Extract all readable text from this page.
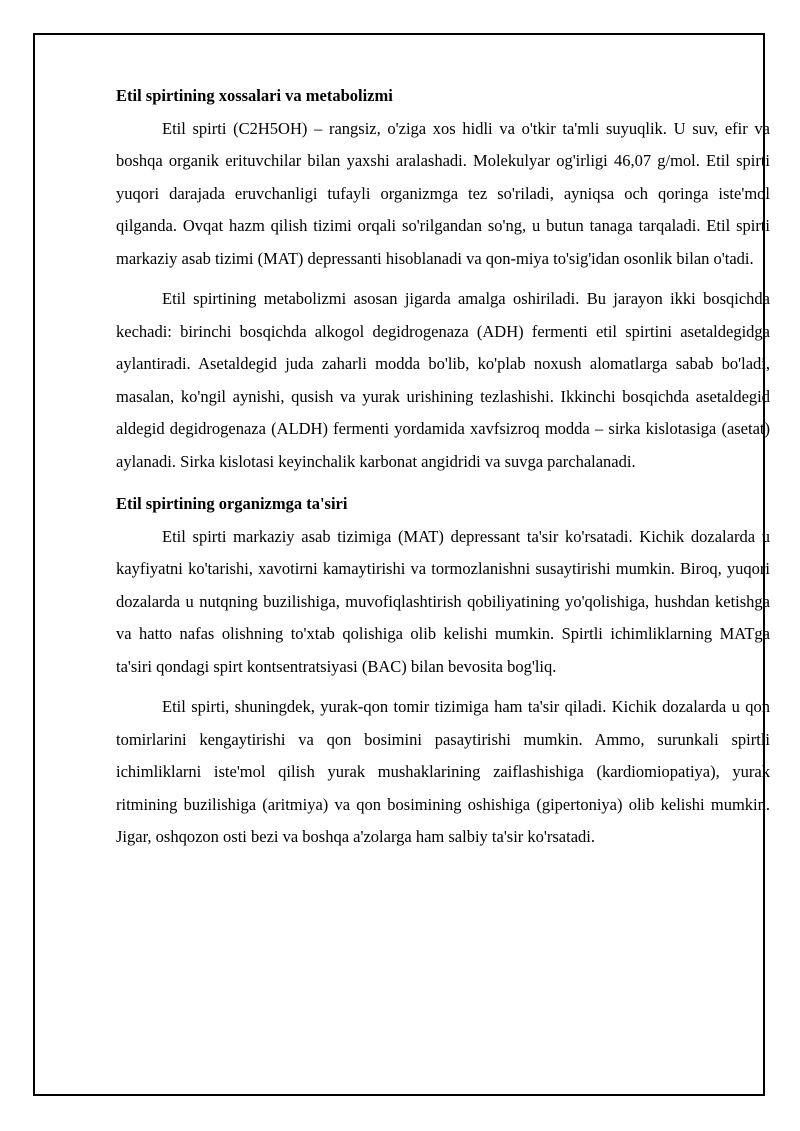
Etil spirtining xossalari va metabolizmi

Etil spirti (C2H5OH) – rangsiz, o'ziga xos hidli va o'tkir ta'mli suyuqlik. U suv, efir va boshqa organik erituvchilar bilan yaxshi aralashadi. Molekulyar og'irligi 46,07 g/mol. Etil spirti yuqori darajada eruvchanligi tufayli organizmga tez so'riladi, ayniqsa och qoringa iste'mol qilganda. Ovqat hazm qilish tizimi orqali so'rilgandan so'ng, u butun tanaga tarqaladi. Etil spirti markaziy asab tizimi (MAT) depressanti hisoblanadi va qon-miya to'sig'idan osonlik bilan o'tadi.

Etil spirtining metabolizmi asosan jigarda amalga oshiriladi. Bu jarayon ikki bosqichda kechadi: birinchi bosqichda alkogol degidrogenaza (ADH) fermenti etil spirtini asetaldegidga aylantiradi. Asetaldegid juda zaharli modda bo'lib, ko'plab noxush alomatlarga sabab bo'ladi, masalan, ko'ngil aynishi, qusish va yurak urishining tezlashishi. Ikkinchi bosqichda asetaldegid aldegid degidrogenaza (ALDH) fermenti yordamida xavfsizroq modda – sirka kislotasiga (asetat) aylanadi. Sirka kislotasi keyinchalik karbonat angidridi va suvga parchalanadi.

Etil spirtining organizmga ta'siri

Etil spirti markaziy asab tizimiga (MAT) depressant ta'sir ko'rsatadi. Kichik dozalarda u kayfiyatni ko'tarishi, xavotirni kamaytirishi va tormozlanishni susaytirishi mumkin. Biroq, yuqori dozalarda u nutqning buzilishiga, muvofiqlashtirish qobiliyatining yo'qolishiga, hushdan ketishga va hatto nafas olishning to'xtab qolishiga olib kelishi mumkin. Spirtli ichimliklarning MATga ta'siri qondagi spirt kontsentratsiyasi (BAC) bilan bevosita bog'liq.

Etil spirti, shuningdek, yurak-qon tomir tizimiga ham ta'sir qiladi. Kichik dozalarda u qon tomirlarini kengaytirishi va qon bosimini pasaytirishi mumkin. Ammo, surunkali spirtli ichimliklarni iste'mol qilish yurak mushaklarining zaiflashishiga (kardiomiopatiya), yurak ritmining buzilishiga (aritmiya) va qon bosimining oshishiga (gipertoniya) olib kelishi mumkin. Jigar, oshqozon osti bezi va boshqa a'zolarga ham salbiy ta'sir ko'rsatadi.
